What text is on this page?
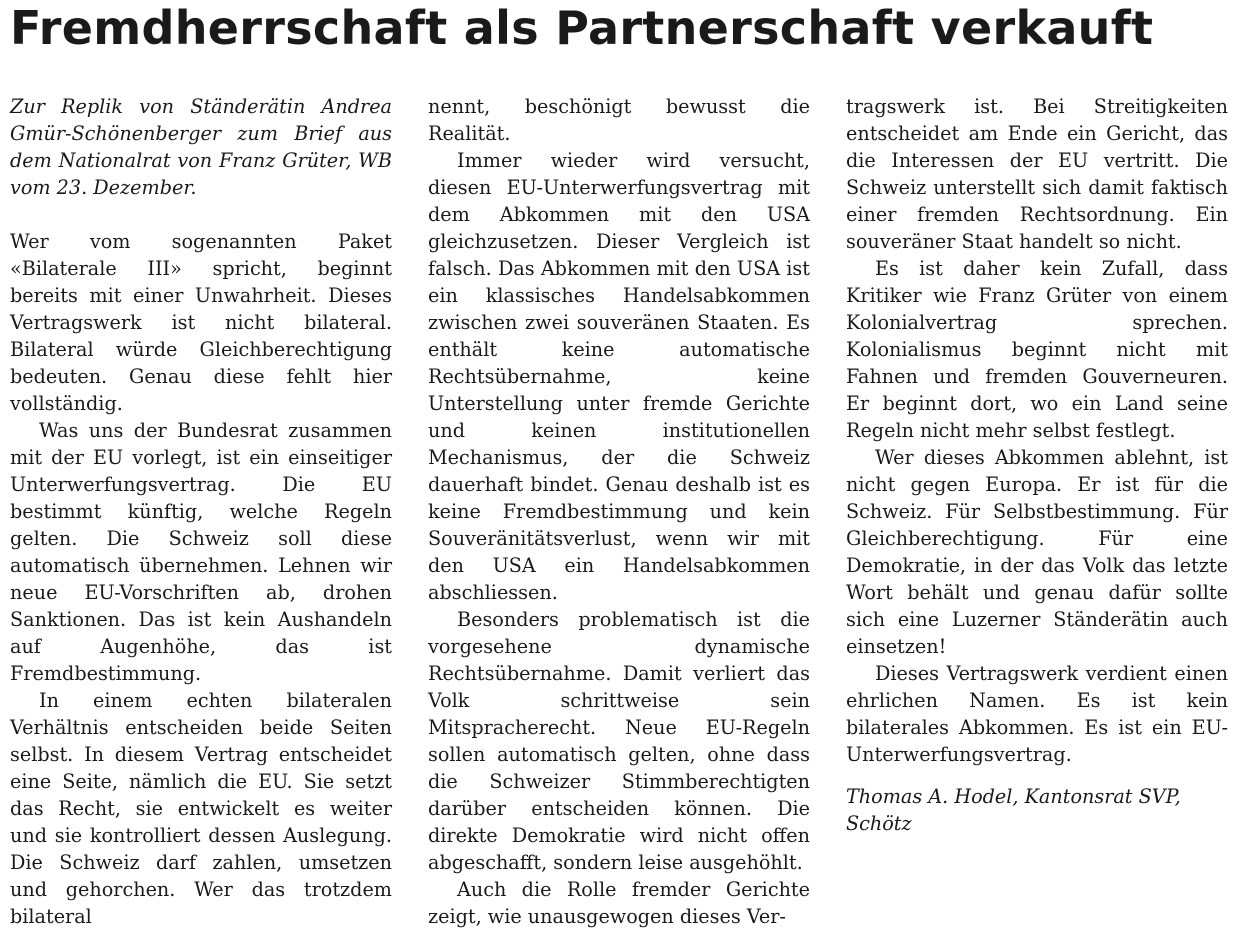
Fremdherrschaft als Partnerschaft verkauft

Zur Replik von Ständerätin Andrea Gmür-Schönenberger zum Brief aus dem Nationalrat von Franz Grüter, WB vom 23. Dezember.

Wer vom sogenannten Paket «Bilaterale III» spricht, beginnt bereits mit einer Unwahrheit. Dieses Vertragswerk ist nicht bilateral. Bilateral würde Gleichberechtigung bedeuten. Genau diese fehlt hier vollständig.

Was uns der Bundesrat zusammen mit der EU vorlegt, ist ein einseitiger Unterwerfungsvertrag. Die EU bestimmt künftig, welche Regeln gelten. Die Schweiz soll diese automatisch übernehmen. Lehnen wir neue EU-Vorschriften ab, drohen Sanktionen. Das ist kein Aushandeln auf Augenhöhe, das ist Fremdbestimmung.

In einem echten bilateralen Verhältnis entscheiden beide Seiten selbst. In diesem Vertrag entscheidet eine Seite, nämlich die EU. Sie setzt das Recht, sie entwickelt es weiter und sie kontrolliert dessen Auslegung. Die Schweiz darf zahlen, umsetzen und gehorchen. Wer das trotzdem bilateral

nennt, beschönigt bewusst die Realität.

Immer wieder wird versucht, diesen EU-Unterwerfungsvertrag mit dem Abkommen mit den USA gleichzusetzen. Dieser Vergleich ist falsch. Das Abkommen mit den USA ist ein klassisches Handelsabkommen zwischen zwei souveränen Staaten. Es enthält keine automatische Rechtsübernahme, keine Unterstellung unter fremde Gerichte und keinen institutionellen Mechanismus, der die Schweiz dauerhaft bindet. Genau deshalb ist es keine Fremdbestimmung und kein Souveränitätsverlust, wenn wir mit den USA ein Handelsabkommen abschliessen.

Besonders problematisch ist die vorgesehene dynamische Rechtsübernahme. Damit verliert das Volk schrittweise sein Mitspracherecht. Neue EU-Regeln sollen automatisch gelten, ohne dass die Schweizer Stimmberechtigten darüber entscheiden können. Die direkte Demokratie wird nicht offen abgeschafft, sondern leise ausgehöhlt.

Auch die Rolle fremder Gerichte zeigt, wie unausgewogen dieses Ver-

tragswerk ist. Bei Streitigkeiten entscheidet am Ende ein Gericht, das die Interessen der EU vertritt. Die Schweiz unterstellt sich damit faktisch einer fremden Rechtsordnung. Ein souveräner Staat handelt so nicht.

Es ist daher kein Zufall, dass Kritiker wie Franz Grüter von einem Kolonialvertrag sprechen. Kolonialismus beginnt nicht mit Fahnen und fremden Gouverneuren. Er beginnt dort, wo ein Land seine Regeln nicht mehr selbst festlegt.

Wer dieses Abkommen ablehnt, ist nicht gegen Europa. Er ist für die Schweiz. Für Selbstbestimmung. Für Gleichberechtigung. Für eine Demokratie, in der das Volk das letzte Wort behält und genau dafür sollte sich eine Luzerner Ständerätin auch einsetzen!

Dieses Vertragswerk verdient einen ehrlichen Namen. Es ist kein bilaterales Abkommen. Es ist ein EU-Unterwerfungsvertrag.

Thomas A. Hodel, Kantonsrat SVP, Schötz
